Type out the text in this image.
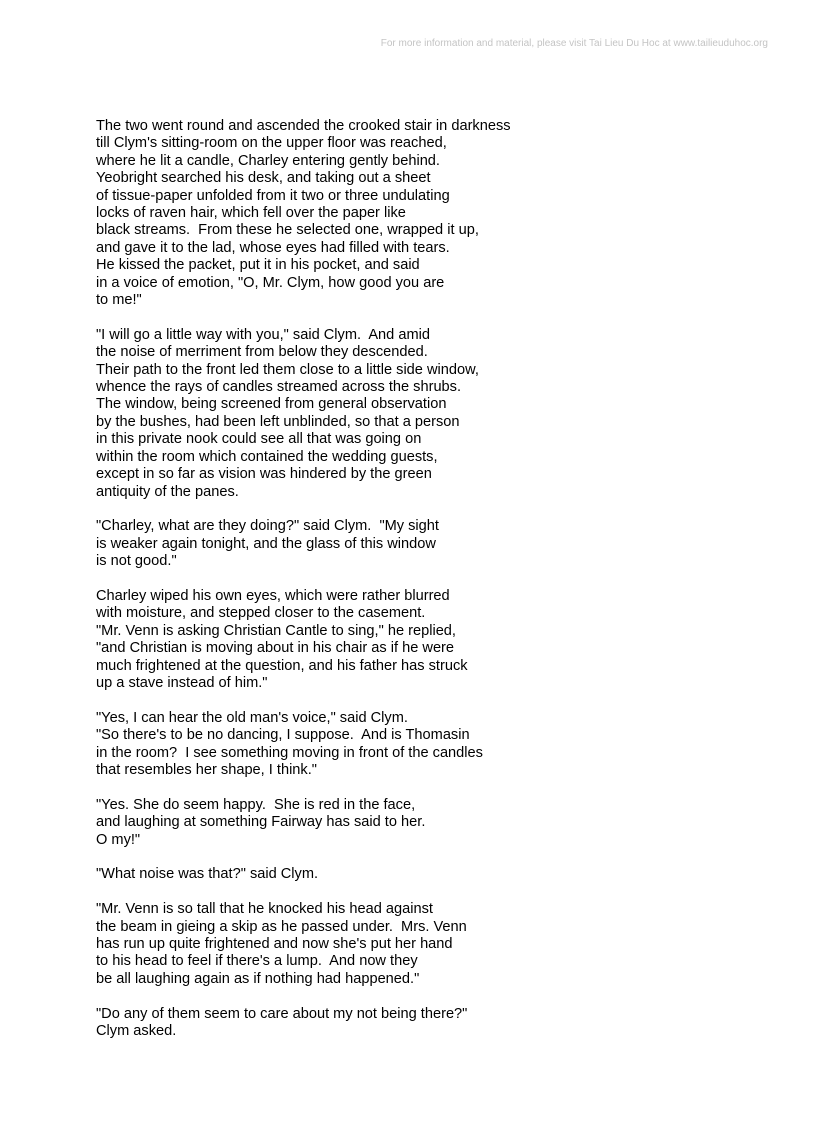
For more information and material, please visit Tai Lieu Du Hoc at www.tailieuduhoc.org

The two went round and ascended the crooked stair in darkness
till Clym's sitting-room on the upper floor was reached,
where he lit a candle, Charley entering gently behind.
Yeobright searched his desk, and taking out a sheet
of tissue-paper unfolded from it two or three undulating
locks of raven hair, which fell over the paper like
black streams.  From these he selected one, wrapped it up,
and gave it to the lad, whose eyes had filled with tears.
He kissed the packet, put it in his pocket, and said
in a voice of emotion, "O, Mr. Clym, how good you are
to me!"

"I will go a little way with you," said Clym.  And amid
the noise of merriment from below they descended.
Their path to the front led them close to a little side window,
whence the rays of candles streamed across the shrubs.
The window, being screened from general observation
by the bushes, had been left unblinded, so that a person
in this private nook could see all that was going on
within the room which contained the wedding guests,
except in so far as vision was hindered by the green
antiquity of the panes.

"Charley, what are they doing?" said Clym.  "My sight
is weaker again tonight, and the glass of this window
is not good."

Charley wiped his own eyes, which were rather blurred
with moisture, and stepped closer to the casement.
"Mr. Venn is asking Christian Cantle to sing," he replied,
"and Christian is moving about in his chair as if he were
much frightened at the question, and his father has struck
up a stave instead of him."

"Yes, I can hear the old man's voice," said Clym.
"So there's to be no dancing, I suppose.  And is Thomasin
in the room?  I see something moving in front of the candles
that resembles her shape, I think."

"Yes. She do seem happy.  She is red in the face,
and laughing at something Fairway has said to her.
O my!"

"What noise was that?" said Clym.

"Mr. Venn is so tall that he knocked his head against
the beam in gieing a skip as he passed under.  Mrs. Venn
has run up quite frightened and now she's put her hand
to his head to feel if there's a lump.  And now they
be all laughing again as if nothing had happened."

"Do any of them seem to care about my not being there?"
Clym asked.
